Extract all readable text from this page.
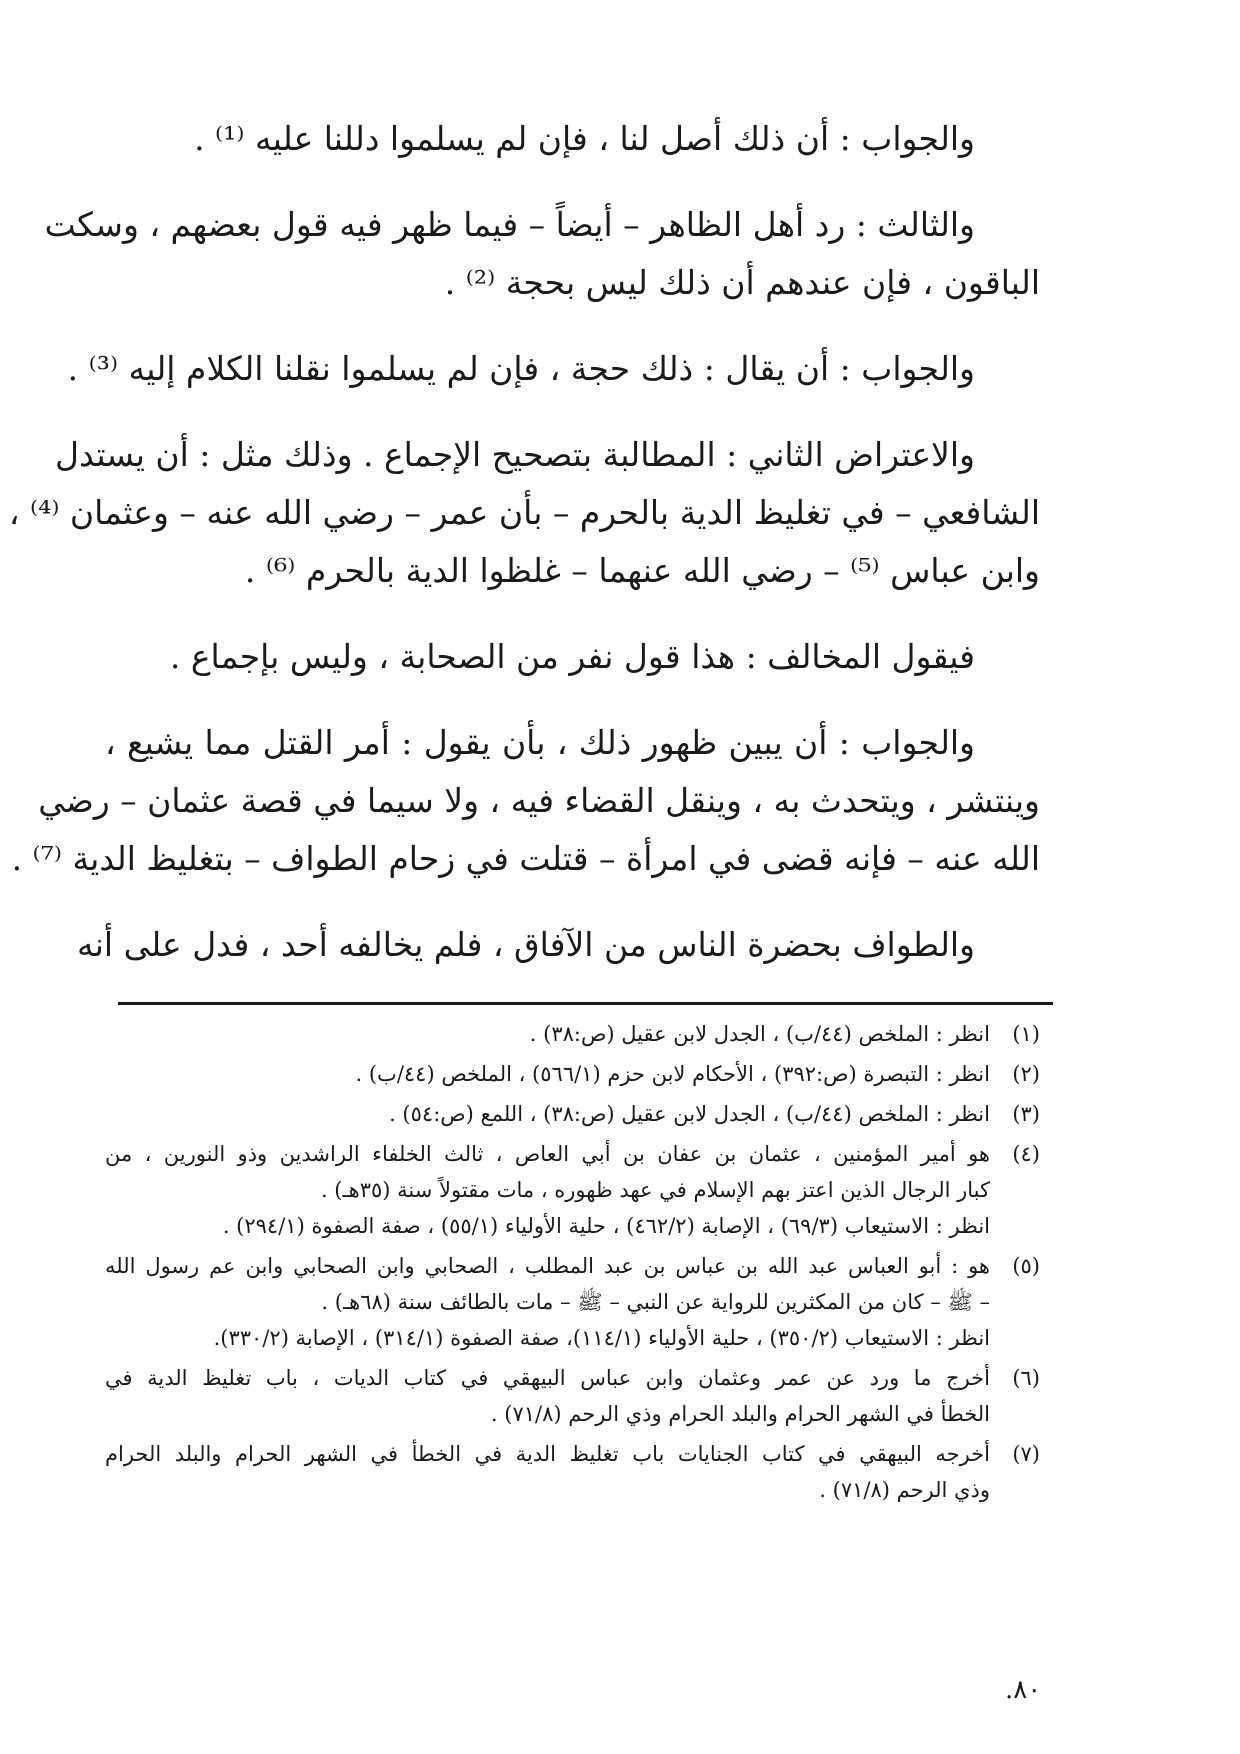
والجواب : أن ذلك أصل لنا ، فإن لم يسلموا دللنا عليه ⁽¹⁾ .

والثالث : رد أهل الظاهر – أيضاً – فيما ظهر فيه قول بعضهم ، وسكت
الباقون ، فإن عندهم أن ذلك ليس بحجة ⁽²⁾ .

والجواب : أن يقال : ذلك حجة ، فإن لم يسلموا نقلنا الكلام إليه ⁽³⁾ .

والاعتراض الثاني : المطالبة بتصحيح الإجماع . وذلك مثل : أن يستدل
الشافعي – في تغليظ الدية بالحرم – بأن عمر – رضي الله عنه – وعثمان ⁽⁴⁾ ،
وابن عباس ⁽⁵⁾ – رضي الله عنهما – غلظوا الدية بالحرم ⁽⁶⁾ .

فيقول المخالف : هذا قول نفر من الصحابة ، وليس بإجماع .

والجواب : أن يبين ظهور ذلك ، بأن يقول : أمر القتل مما يشيع ،
وينتشر ، ويتحدث به ، وينقل القضاء فيه ، ولا سيما في قصة عثمان – رضي
الله عنه – فإنه قضى في امرأة – قتلت في زحام الطواف – بتغليظ الدية ⁽⁷⁾ .

والطواف بحضرة الناس من الآفاق ، فلم يخالفه أحد ، فدل على أنه

(١)
انظر : الملخص (٤٤/ب) ، الجدل لابن عقيل (ص:٣٨) .
(٢)
انظر : التبصرة (ص:٣٩٢) ، الأحكام لابن حزم (٥٦٦/١) ، الملخص (٤٤/ب) .
(٣)
انظر : الملخص (٤٤/ب) ، الجدل لابن عقيل (ص:٣٨) ، اللمع (ص:٥٤) .
(٤)
هو أمير المؤمنين ، عثمان بن عفان بن أبي العاص ، ثالث الخلفاء الراشدين وذو النورين ، من
كبار الرجال الذين اعتز بهم الإسلام في عهد ظهوره ، مات مقتولاً سنة (٣٥هـ) .
انظر : الاستيعاب (٦٩/٣) ، الإصابة (٤٦٢/٢) ، حلية الأولياء (٥٥/١) ، صفة الصفوة (٢٩٤/١) .
(٥)
هو : أبو العباس عبد الله بن عباس بن عبد المطلب ، الصحابي وابن الصحابي وابن عم رسول الله
– ﷺ – كان من المكثرين للرواية عن النبي – ﷺ – مات بالطائف سنة (٦٨هـ) .
انظر : الاستيعاب (٣٥٠/٢) ، حلية الأولياء (١١٤/١)، صفة الصفوة (٣١٤/١) ، الإصابة (٣٣٠/٢).
(٦)
أخرج ما ورد عن عمر وعثمان وابن عباس البيهقي في كتاب الديات ، باب تغليظ الدية في
الخطأ في الشهر الحرام والبلد الحرام وذي الرحم (٧١/٨) .
(٧)
أخرجه البيهقي في كتاب الجنايات باب تغليظ الدية في الخطأ في الشهر الحرام والبلد الحرام
وذي الرحم (٧١/٨) .
٨٠.
